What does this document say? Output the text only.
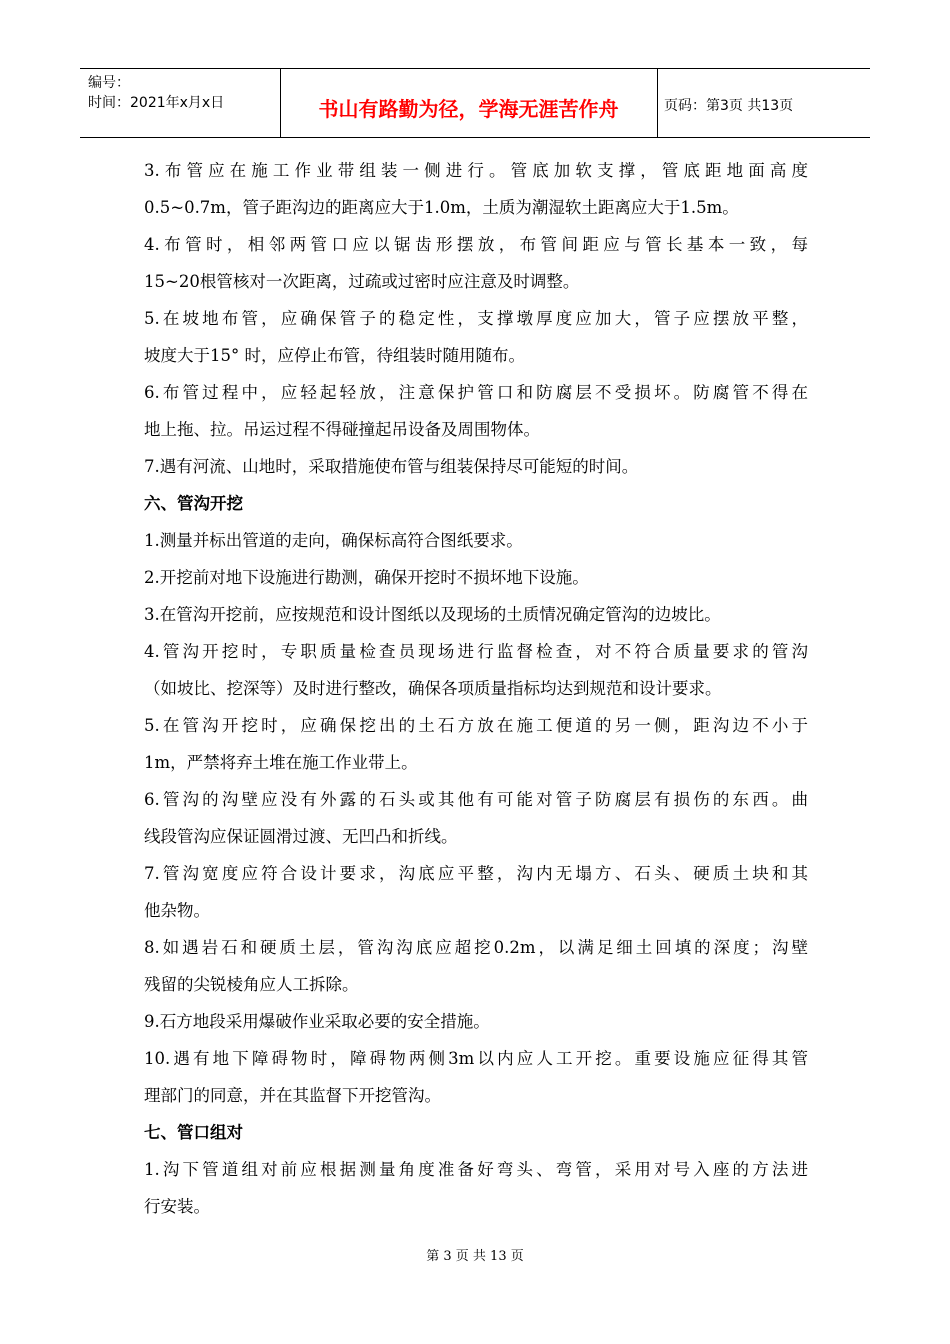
编号：
时间：2021年x月x日	书山有路勤为径，学海无涯苦作舟	页码：第3页 共13页
3.布管应在施工作业带组装一侧进行。管底加软支撑，管底距地面高度
0.5~0.7m，管子距沟边的距离应大于1.0m，土质为潮湿软土距离应大于1.5m。
4.布管时，相邻两管口应以锯齿形摆放，布管间距应与管长基本一致，每
15~20根管核对一次距离，过疏或过密时应注意及时调整。
5.在坡地布管，应确保管子的稳定性，支撑墩厚度应加大，管子应摆放平整，
坡度大于15° 时，应停止布管，待组装时随用随布。
6.布管过程中，应轻起轻放，注意保护管口和防腐层不受损坏。防腐管不得在
地上拖、拉。吊运过程不得碰撞起吊设备及周围物体。
7.遇有河流、山地时，采取措施使布管与组装保持尽可能短的时间。
六、管沟开挖
1.测量并标出管道的走向，确保标高符合图纸要求。
2.开挖前对地下设施进行勘测，确保开挖时不损坏地下设施。
3.在管沟开挖前，应按规范和设计图纸以及现场的土质情况确定管沟的边坡比。
4.管沟开挖时，专职质量检查员现场进行监督检查，对不符合质量要求的管沟
（如坡比、挖深等）及时进行整改，确保各项质量指标均达到规范和设计要求。
5.在管沟开挖时，应确保挖出的土石方放在施工便道的另一侧，距沟边不小于
1m，严禁将弃土堆在施工作业带上。
6.管沟的沟壁应没有外露的石头或其他有可能对管子防腐层有损伤的东西。曲
线段管沟应保证圆滑过渡、无凹凸和折线。
7.管沟宽度应符合设计要求，沟底应平整，沟内无塌方、石头、硬质土块和其
他杂物。
8.如遇岩石和硬质土层，管沟沟底应超挖0.2m，以满足细土回填的深度；沟壁
残留的尖锐棱角应人工拆除。
9.石方地段采用爆破作业采取必要的安全措施。
10.遇有地下障碍物时，障碍物两侧3m以内应人工开挖。重要设施应征得其管
理部门的同意，并在其监督下开挖管沟。
七、管口组对
1.沟下管道组对前应根据测量角度准备好弯头、弯管，采用对号入座的方法进
行安装。
第 3 页 共 13 页
